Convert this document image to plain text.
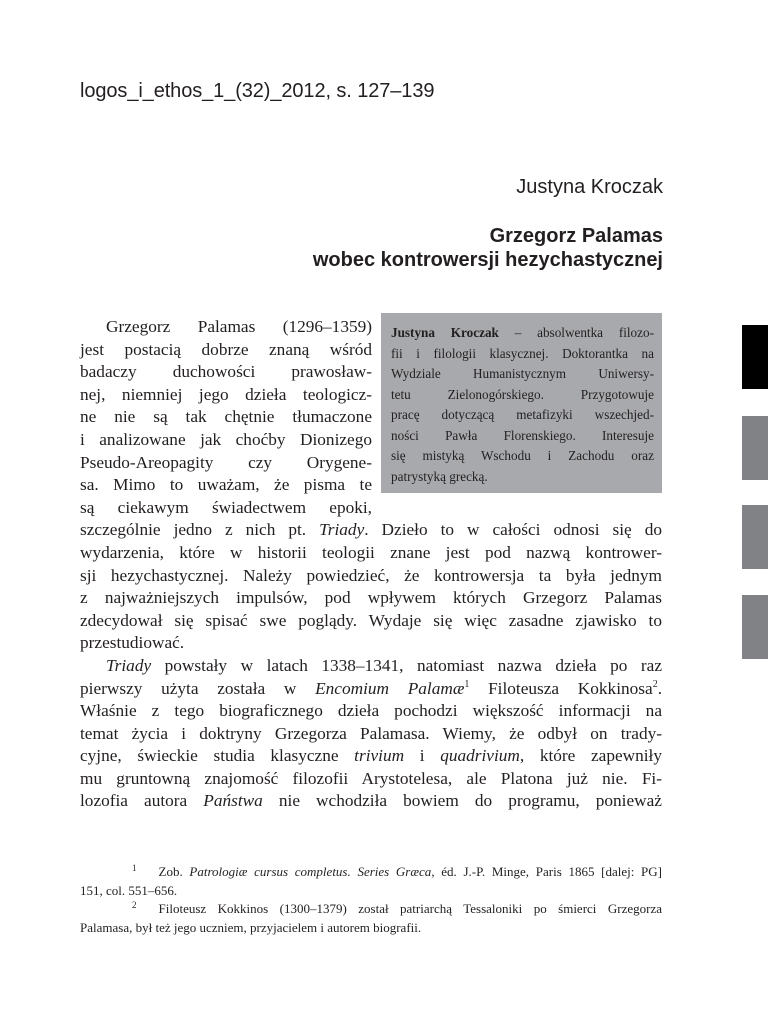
logos_i_ethos_1_(32)_2012, s. 127–139
Justyna Kroczak
Grzegorz Palamas
wobec kontrowersji hezychastycznej
Justyna Kroczak – absolwentka filozo-
fii i filologii klasycznej. Doktorantka na
Wydziale Humanistycznym Uniwersy-
tetu Zielonogórskiego. Przygotowuje
pracę dotyczącą metafizyki wszechjed-
ności Pawła Florenskiego. Interesuje
się mistyką Wschodu i Zachodu oraz
patrystyką grecką.
Grzegorz Palamas (1296–1359)
jest postacią dobrze znaną wśród
badaczy duchowości prawosław-
nej, niemniej jego dzieła teologicz-
ne nie są tak chętnie tłumaczone
i analizowane jak choćby Dionizego
Pseudo-Areopagity czy Orygene-
sa. Mimo to uważam, że pisma te
są ciekawym świadectwem epoki,
szczególnie jedno z nich pt. Triady. Dzieło to w całości odnosi się do
wydarzenia, które w historii teologii znane jest pod nazwą kontrower-
sji hezychastycznej. Należy powiedzieć, że kontrowersja ta była jednym
z najważniejszych impulsów, pod wpływem których Grzegorz Palamas
zdecydował się spisać swe poglądy. Wydaje się więc zasadne zjawisko to
przestudiować.
Triady powstały w latach 1338–1341, natomiast nazwa dzieła po raz
pierwszy użyta została w Encomium Palamæ$^1$ Filoteusza Kokkinosa$^2$.
Właśnie z tego biograficznego dzieła pochodzi większość informacji na
temat życia i doktryny Grzegorza Palamasa. Wiemy, że odbył on trady-
cyjne, świeckie studia klasyczne trivium i quadrivium, które zapewniły
mu gruntowną znajomość filozofii Arystotelesa, ale Platona już nie. Fi-
lozofia autora Państwa nie wchodziła bowiem do programu, ponieważ
$^1$ Zob. Patrologiæ cursus completus. Series Græca, éd. J.-P. Minge, Paris 1865 [dalej: PG]
151, col. 551–656.
$^2$ Filoteusz Kokkinos (1300–1379) został patriarchą Tessaloniki po śmierci Grzegorza
Palamasa, był też jego uczniem, przyjacielem i autorem biografii.
